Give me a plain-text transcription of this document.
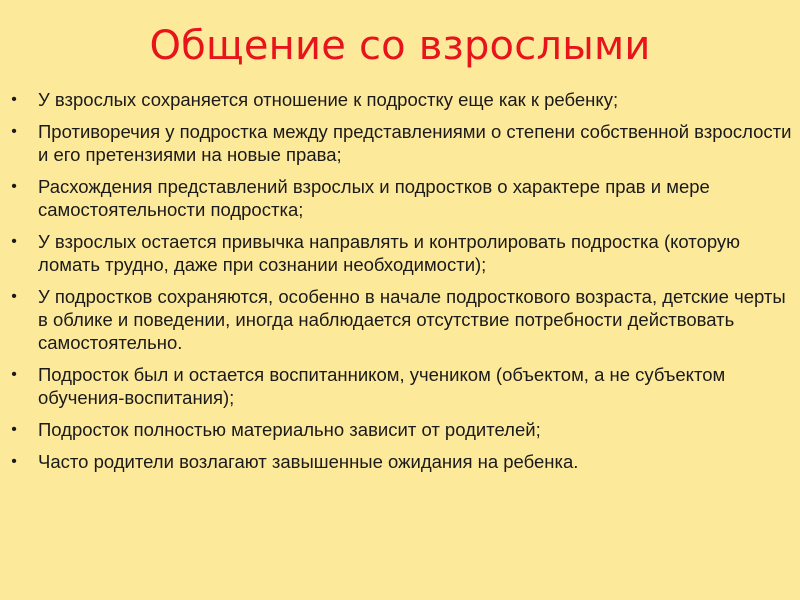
Общение со взрослыми
• У взрослых сохраняется отношение к подростку еще как к ребенку;
• Противоречия у подростка между представлениями о степени собственной взрослости и его претензиями на новые права;
• Расхождения представлений взрослых и подростков о характере прав и мере самостоятельности подростка;
• У взрослых остается привычка направлять и контролировать подростка (которую ломать трудно, даже при сознании необходимости);
• У подростков сохраняются, особенно в начале подросткового возраста, детские черты в облике и поведении, иногда наблюдается отсутствие потребности действовать самостоятельно.
• Подросток был и остается воспитанником, учеником (объектом, а не субъектом обучения-воспитания);
• Подросток полностью материально зависит от родителей;
• Часто родители возлагают завышенные ожидания на ребенка.
